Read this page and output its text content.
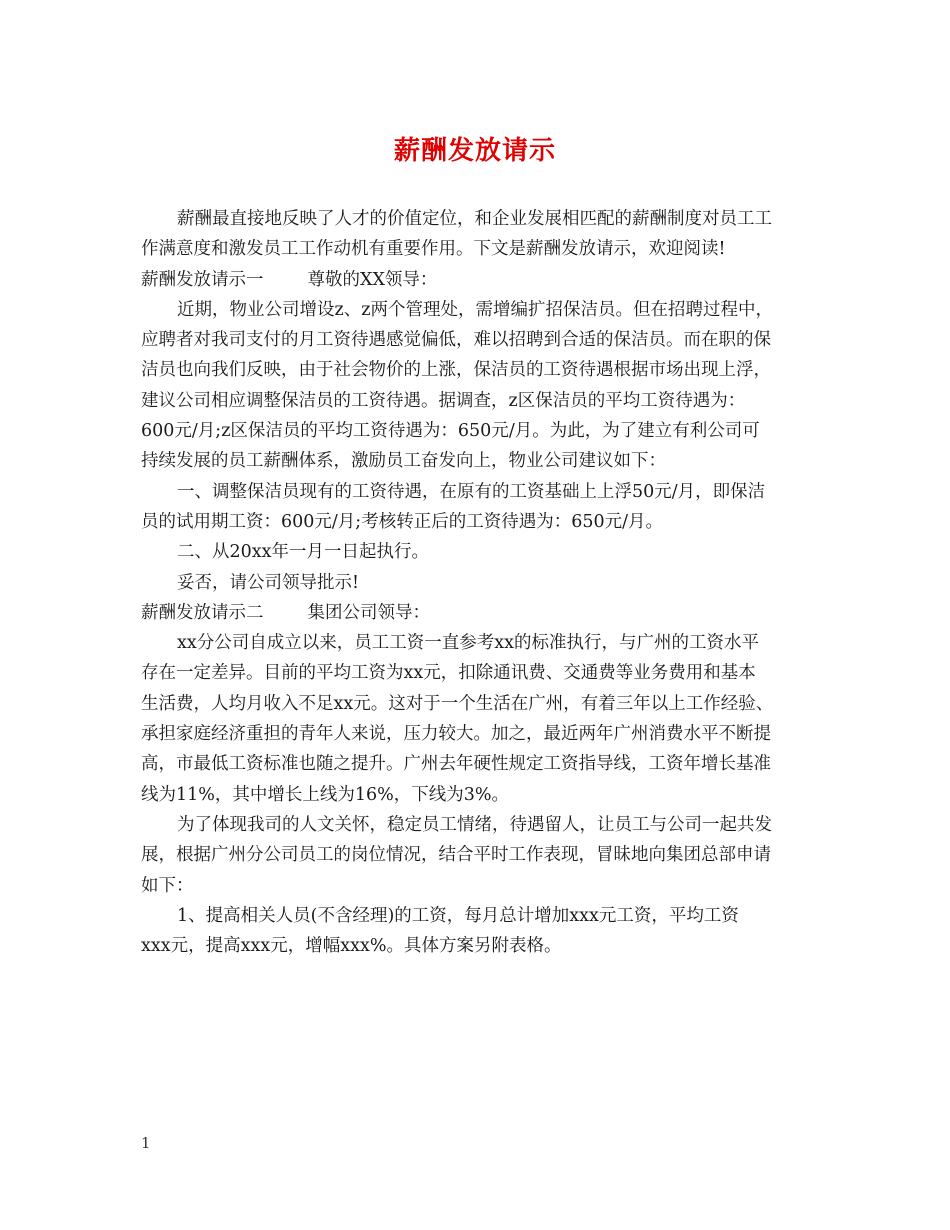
薪酬发放请示
薪酬最直接地反映了人才的价值定位，和企业发展相匹配的薪酬制度对员工工
作满意度和激发员工工作动机有重要作用。下文是薪酬发放请示，欢迎阅读!
薪酬发放请示一	尊敬的XX领导：
近期，物业公司增设z、z两个管理处，需增编扩招保洁员。但在招聘过程中，
应聘者对我司支付的月工资待遇感觉偏低，难以招聘到合适的保洁员。而在职的保
洁员也向我们反映，由于社会物价的上涨，保洁员的工资待遇根据市场出现上浮，
建议公司相应调整保洁员的工资待遇。据调查，z区保洁员的平均工资待遇为：
600元/月;z区保洁员的平均工资待遇为：650元/月。为此，为了建立有利公司可
持续发展的员工薪酬体系，激励员工奋发向上，物业公司建议如下：
一、调整保洁员现有的工资待遇，在原有的工资基础上上浮50元/月，即保洁
员的试用期工资：600元/月;考核转正后的工资待遇为：650元/月。
二、从20xx年一月一日起执行。
妥否，请公司领导批示!
薪酬发放请示二	集团公司领导：
xx分公司自成立以来，员工工资一直参考xx的标准执行，与广州的工资水平
存在一定差异。目前的平均工资为xx元，扣除通讯费、交通费等业务费用和基本
生活费，人均月收入不足xx元。这对于一个生活在广州，有着三年以上工作经验、
承担家庭经济重担的青年人来说，压力较大。加之，最近两年广州消费水平不断提
高，市最低工资标准也随之提升。广州去年硬性规定工资指导线，工资年增长基准
线为11%，其中增长上线为16%，下线为3%。
为了体现我司的人文关怀，稳定员工情绪，待遇留人，让员工与公司一起共发
展，根据广州分公司员工的岗位情况，结合平时工作表现，冒昧地向集团总部申请
如下：
1、提高相关人员(不含经理)的工资，每月总计增加xxx元工资，平均工资
xxx元，提高xxx元，增幅xxx%。具体方案另附表格。
1
